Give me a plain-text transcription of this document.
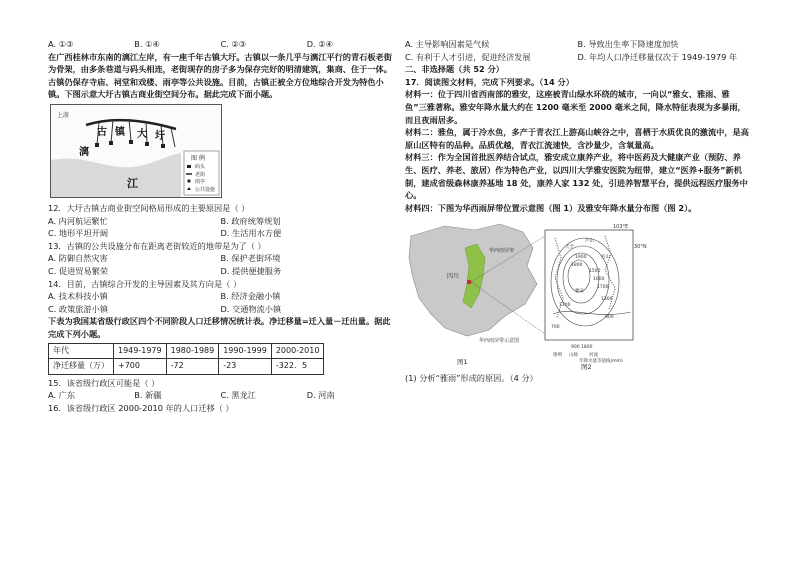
A. ①③	B. ①④	C. ②③	D. ②④

在广西桂林市东南的漓江左岸，有一座千年古镇大圩。古镇以一条几乎与漓江平行的青石板老街为骨架，由多条巷道与码头相连，老街现存的房子多为保存完好的明清建筑，集商、住于一体。古镇仍保存寺庙、祠堂和戏楼、雨亭等公共设施。目前，古镇正被全方位地综合开发为特色小镇。下图示意大圩古镇古商业街空间分布。据此完成下面小题。

上游
古 镇 大 圩
漓
江
图 例
码头
老街
雨亭
公共设施

12．大圩古镇古商业街空间格局形成的主要原因是（ ）

A. 内河航运繁忙	B. 政府统筹规划
C. 地形平坦开阔	D. 生活用水方便

13．古镇的公共设施分布在距离老街较近的地带是为了（ ）

A. 防御自然灾害	B. 保护老街环境
C. 促进贸易繁荣	D. 提供便捷服务

14．目前，古镇综合开发的主导因素及其方向是（ ）

A. 技术科技小镇	B. 经济金融小镇
C. 政策旅游小镇	D. 交通物流小镇

下表为我国某省级行政区四个不同阶段人口迁移情况统计表。净迁移量=迁入量－迁出量。据此完成下列小题。

年代	1949-1979	1980-1989	1990-1999	2000-2010
净迁移量（万）	+700	-72	-23	-322．5

15．该省级行政区可能是（ ）

A. 广东	B. 新疆	C. 黑龙江	D. 河南

16．该省级行政区 2000-2010 年的人口迁移（ ）

A. 主导影响因素是气候	B. 导致出生率下降速度加快
C. 有利于人才引进，促进经济发展	D. 年均人口净迁移量仅次于 1949-1979 年

二、非选择题（共 52 分）

17．阅读图文材料，完成下列要求。（14 分）

材料一：位于四川省西南部的雅安，这座被青山绿水环绕的城市，一向以“雅女、雅雨、雅鱼”三雅著称。雅安年降水量大约在 1200 毫米至 2000 毫米之间，降水特征表现为多暴雨，而且夜雨居多。

材料二：雅鱼，属于冷水鱼，多产于青衣江上游高山峡谷之中，喜栖于水质优良的激流中，是高原山区特有的品种。品质优越，青衣江流速快，含沙量少，含氧量高。

材料三：作为全国首批医养结合试点，雅安成立康养产业，将中医药及大健康产业（预防、养生、医疗、养老、旅居）作为特色产业，以四川大学雅安医院为纽带，建立“医养+服务”新机制，建成省级森林康养基地 18 处，康养人家 132 处，引进养智慧平台，提供远程医疗服务中心。

材料四：下图为华西雨屏带位置示意图（图 1）及雅安年降水量分布图（图 2）。

四川
华西雨屏带
华西雨屏带示意图
图1
103°E
30°N
1500
1600
1700
1800
1900
1300
1100
900
700
天全
名山
雅安
芦山
900 1800
图例 山脉 河流
年降水量等值线(mm)
图2

(1) 分析“雅雨”形成的原因。（4 分）
